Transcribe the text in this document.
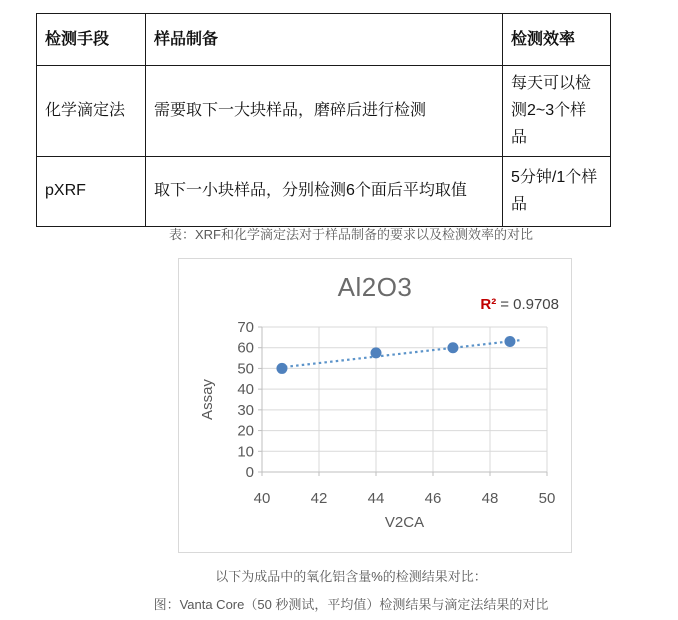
检测手段	样品制备	检测效率
化学滴定法	需要取下一大块样品，磨碎后进行检测	每天可以检测2~3个样品
pXRF	取下一小块样品，分别检测6个面后平均取值	5分钟/1个样品
表：XRF和化学滴定法对于样品制备的要求以及检测效率的对比
0
10
20
30
40
50
60
70
40	42	44	46	48	50
Assay
V2CA
Al2O3
R² = 0.9708
以下为成品中的氧化铝含量%的检测结果对比：
图：Vanta Core（50 秒测试，平均值）检测结果与滴定法结果的对比
